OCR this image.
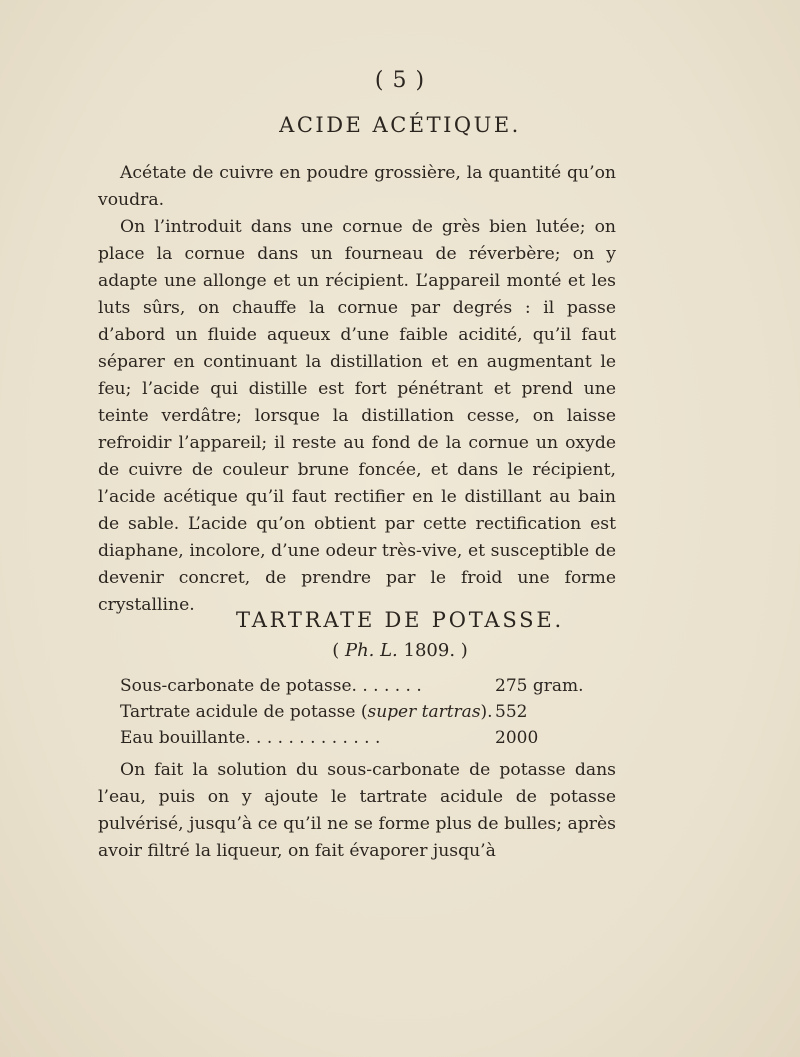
( 5 )
ACIDE ACÉTIQUE.

Acétate de cuivre en poudre grossière, la quantité qu’on voudra.

On l’introduit dans une cornue de grès bien lutée; on place la cornue dans un fourneau de réverbère; on y adapte une allonge et un récipient. L’appareil monté et les luts sûrs, on chauffe la cornue par degrés : il passe d’abord un fluide aqueux d’une faible acidité, qu’il faut séparer en continuant la distillation et en augmentant le feu; l’acide qui distille est fort pénétrant et prend une teinte verdâtre; lorsque la distillation cesse, on laisse refroidir l’appareil; il reste au fond de la cornue un oxyde de cuivre de couleur brune foncée, et dans le récipient, l’acide acétique qu’il faut rectifier en le distillant au bain de sable. L’acide qu’on obtient par cette rectification est diaphane, incolore, d’une odeur très-vive, et susceptible de devenir concret, de prendre par le froid une forme crystalline.

TARTRATE DE POTASSE.
( Ph. L. 1809. )
Sous-carbonate de potasse. . . . . . .	275 gram.
Tartrate acidule de potasse (super tartras). 552
Eau bouillante. . . . . . . . . . . . .	2000

On fait la solution du sous-carbonate de potasse dans l’eau, puis on y ajoute le tartrate acidule de potasse pulvérisé, jusqu’à ce qu’il ne se forme plus de bulles; après avoir filtré la liqueur, on fait évaporer jusqu’à
